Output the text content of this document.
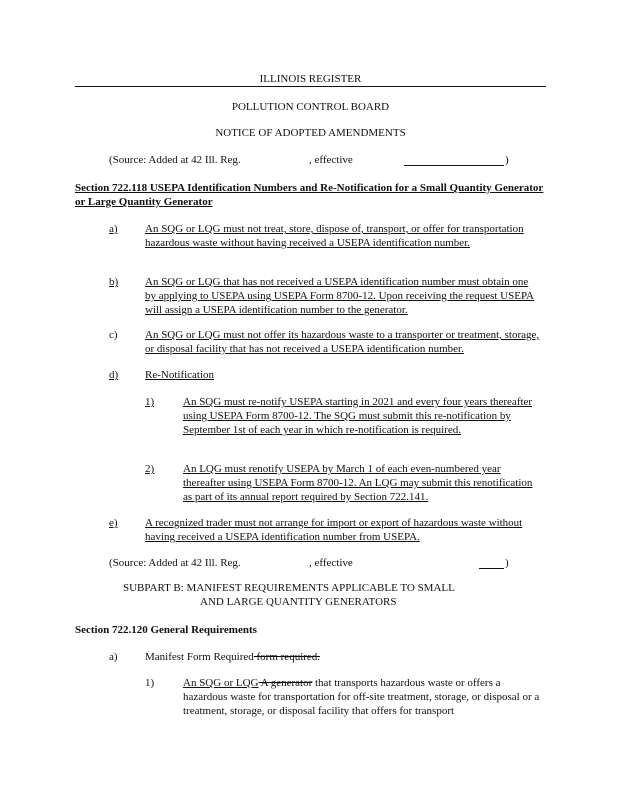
ILLINOIS REGISTER
POLLUTION CONTROL BOARD
NOTICE OF ADOPTED AMENDMENTS
(Source: Added at 42 Ill. Reg.	, effective	)
Section 722.118 USEPA Identification Numbers and Re-Notification for a Small Quantity Generator or Large Quantity Generator
a) An SQG or LQG must not treat, store, dispose of, transport, or offer for transportation hazardous waste without having received a USEPA identification number.
b) An SQG or LQG that has not received a USEPA identification number must obtain one by applying to USEPA using USEPA Form 8700-12. Upon receiving the request USEPA will assign a USEPA identification number to the generator.
c) An SQG or LQG must not offer its hazardous waste to a transporter or treatment, storage, or disposal facility that has not received a USEPA identification number.
d) Re-Notification
1)	An SQG must re-notify USEPA starting in 2021 and every four years thereafter using USEPA Form 8700-12. The SQG must submit this re-notification by September 1st of each year in which re-notification is required.
2)	An LQG must renotify USEPA by March 1 of each even-numbered year thereafter using USEPA Form 8700-12. An LQG may submit this renotification as part of its annual report required by Section 722.141.
e) A recognized trader must not arrange for import or export of hazardous waste without having received a USEPA identification number from USEPA.
(Source: Added at 42 Ill. Reg.	, effective	)
SUBPART B: MANIFEST REQUIREMENTS APPLICABLE TO SMALL
AND LARGE QUANTITY GENERATORS
Section 722.120 General Requirements
a) Manifest Form Required form required.
1)	An SQG or LQG A generator that transports hazardous waste or offers a hazardous waste for transportation for off-site treatment, storage, or disposal or a treatment, storage, or disposal facility that offers for transport
